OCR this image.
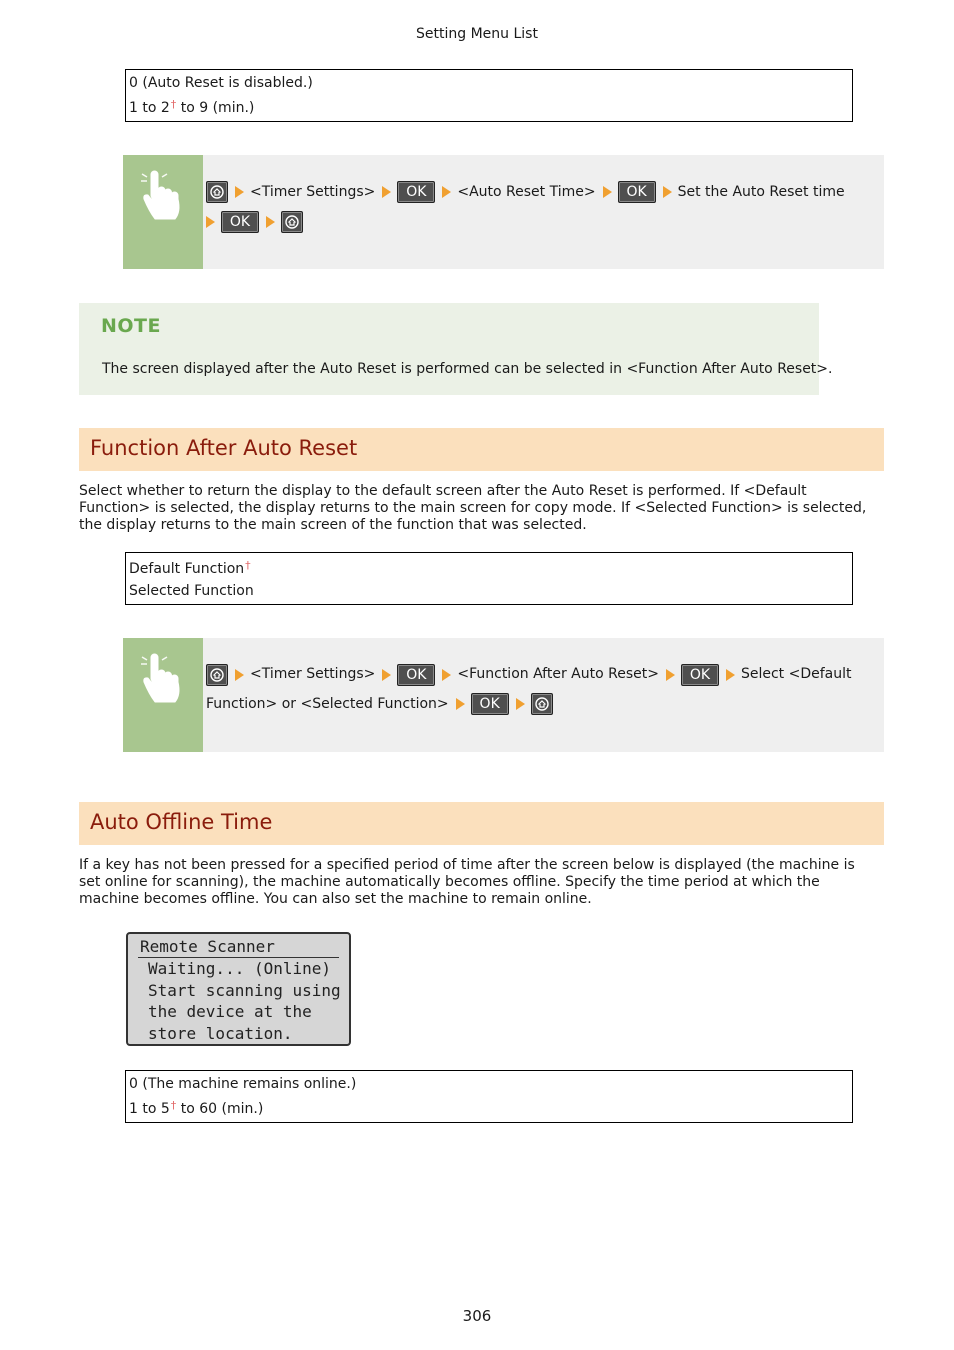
Setting Menu List
0 (Auto Reset is disabled.)
1 to 2† to 9 (min.)
<Timer Settings> OK <Auto Reset Time> OK Set the Auto Reset time
OK
NOTE
The screen displayed after the Auto Reset is performed can be selected in <Function After Auto Reset>.
Function After Auto Reset
Select whether to return the display to the default screen after the Auto Reset is performed. If <Default Function> is selected, the display returns to the main screen for copy mode. If <Selected Function> is selected, the display returns to the main screen of the function that was selected.
Default Function†
Selected Function
<Timer Settings> OK <Function After Auto Reset> OK Select <Default Function> or <Selected Function> OK
Auto Offline Time
If a key has not been pressed for a specified period of time after the screen below is displayed (the machine is set online for scanning), the machine automatically becomes offline. Specify the time period at which the machine becomes offline. You can also set the machine to remain online.
Remote Scanner
Waiting... (Online)
Start scanning using
the device at the
store location.
0 (The machine remains online.)
1 to 5† to 60 (min.)
306
